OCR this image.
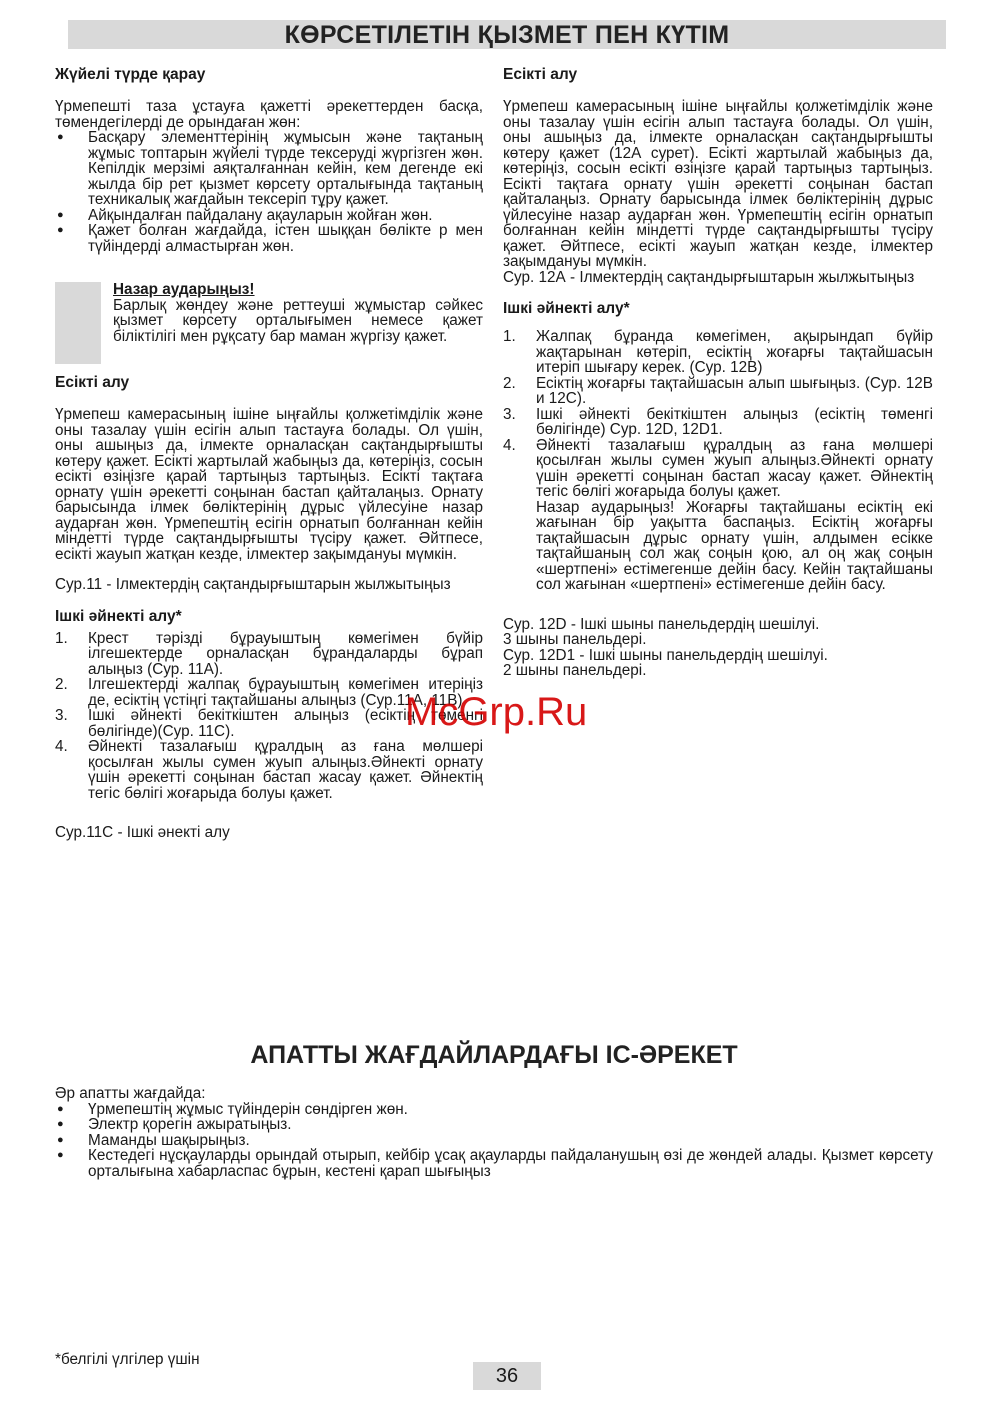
КӨРСЕТІЛЕТІН ҚЫЗМЕТ ПЕН КҮТІМ
Жүйелі түрде қарау

Үрмепешті таза ұстауға қажетті әрекеттерден басқа, төмендегілерді де орындаған жөн:

● Басқару элементтерінің жұмысын және тақтаның жұмыс топтарын жүйелі түрде тексеруді жүргізген жөн. Кепілдік мерзімі аяқталғаннан кейін, кем дегенде екі жылда бір рет қызмет көрсету орталығында тақтаның техникалық жағдайын тексеріп тұру қажет.
● Айқындалған пайдалану ақауларын жойған жөн.
● Қажет болған жағдайда, істен шыққан бөлікте р мен түйіндерді алмастырған жөн.
Назар аударыңыз!

Барлық жөндеу және реттеуші жұмыстар сәйкес қызмет көрсету орталығымен немесе қажет біліктілігі мен рұқсату бар маман жүргізу қажет.

Есікті алу

Үрмепеш камерасының ішіне ыңғайлы қолжетімділік және оны тазалау үшін есігін алып тастауға болады. Ол үшін, оны ашыңыз да, ілмекте орналасқан сақтандырғышты көтеру қажет. Есікті жартылай жабыңыз да, көтеріңіз, сосын есікті өзіңізге қарай тартыңыз тартыңыз. Есікті тақтаға орнату үшін әрекетті соңынан бастап қайталаңыз. Орнату барысында ілмек бөліктерінің дұрыс үйлесуіне назар аударған жөн. Үрмепештің есігін орнатып болғаннан кейін міндетті түрде сақтандырғышты түсіру қажет. Әйтпесе, есікті жауып жатқан кезде, ілмектер зақымдануы мүмкін.

Сур.11 - Ілмектердің сақтандырғыштарын жылжытыңыз

Ішкі әйнекті алу*
1. Крест тәрізді бұрауыштың көмегімен бүйір ілгешектерде орналасқан бұрандаларды бұрап алыңыз (Сур. 11А).
2. Ілгешектерді жалпақ бұрауыштың көмегімен итеріңіз де, есіктің үстіңгі тақтайшаны алыңыз (Сур.11А, 11В)
3. Ішкі әйнекті бекіткіштен алыңыз (есіктің төменгі бөлігінде)(Сур. 11С).
4. Әйнекті тазалағыш құралдың аз ғана мөлшері қосылған жылы сумен жуып алыңыз.Әйнекті орнату үшін әрекетті соңынан бастап жасау қажет. Әйнектің тегіс бөлігі жоғарыда болуы қажет.

Сур.11С - Ішкі әнекті алу

Есікті алу

Үрмепеш камерасының ішіне ыңғайлы қолжетімділік және оны тазалау үшін есігін алып тастауға болады. Ол үшін, оны ашыңыз да, ілмекте орналасқан сақтандырғышты көтеру қажет (12А сурет). Есікті жартылай жабыңыз да, көтеріңіз, сосын есікті өзіңізге қарай тартыңыз тартыңыз. Есікті тақтаға орнату үшін әрекетті соңынан бастап қайталаңыз. Орнату барысында ілмек бөліктерінің дұрыс үйлесуіне назар аударған жөн. Үрмепештің есігін орнатып болғаннан кейін міндетті түрде сақтандырғышты түсіру қажет. Әйтпесе, есікті жауып жатқан кезде, ілмектер зақымдануы мүмкін.

Сур. 12А - Ілмектердің сақтандырғыштарын жылжытыңыз

Ішкі әйнекті алу*
1. Жалпақ бұранда көмегімен, ақырындап бүйір жақтарынан көтеріп, есіктің жоғарғы тақтайшасын итеріп шығару керек. (Сур. 12В)
2. Есіктің жоғарғы тақтайшасын алып шығыңыз. (Сур. 12В и 12С).
3. Ішкі әйнекті бекіткіштен алыңыз (есіктің төменгі бөлігінде) Сур. 12D, 12D1.
4. Әйнекті тазалағыш құралдың аз ғана мөлшері қосылған жылы сумен жуып алыңыз.Әйнекті орнату үшін әрекетті соңынан бастап жасау қажет. Әйнектің тегіс бөлігі жоғарыда болуы қажет.
Назар аударыңыз! Жоғарғы тақтайшаны есіктің екі жағынан бір уақытта баспаңыз. Есіктің жоғарғы тақтайшасын дұрыс орнату үшін, алдымен есікке тақтайшаның сол жақ соңын қою, ал оң жақ соңын «шертпені» естімегенше дейін басу. Кейін тақтайшаны сол жағынан «шертпені» естімегенше дейін басу.

Сур. 12D - Ішкі шыны панельдердің шешілуі.

3 шыны панельдері.

Сур. 12D1 - Ішкі шыны панельдердің шешілуі.

2 шыны панельдері.

McGrp.Ru
АПАТТЫ ЖАҒДАЙЛАРДАҒЫ ІС-ӘРЕКЕТ

Әр апатты жағдайда:

● Үрмепештің жұмыс түйіндерін сөндірген жөн.
● Электр қорегін ажыратыңыз.
● Маманды шақырыңыз.
● Кестедегі нұсқауларды орындай отырып, кейбір ұсақ ақауларды пайдаланушың өзі де жөндей алады. Қызмет көрсету орталығына хабарласпас бұрын, кестені қарап шығыңыз
*белгілі үлгілер үшін
36
